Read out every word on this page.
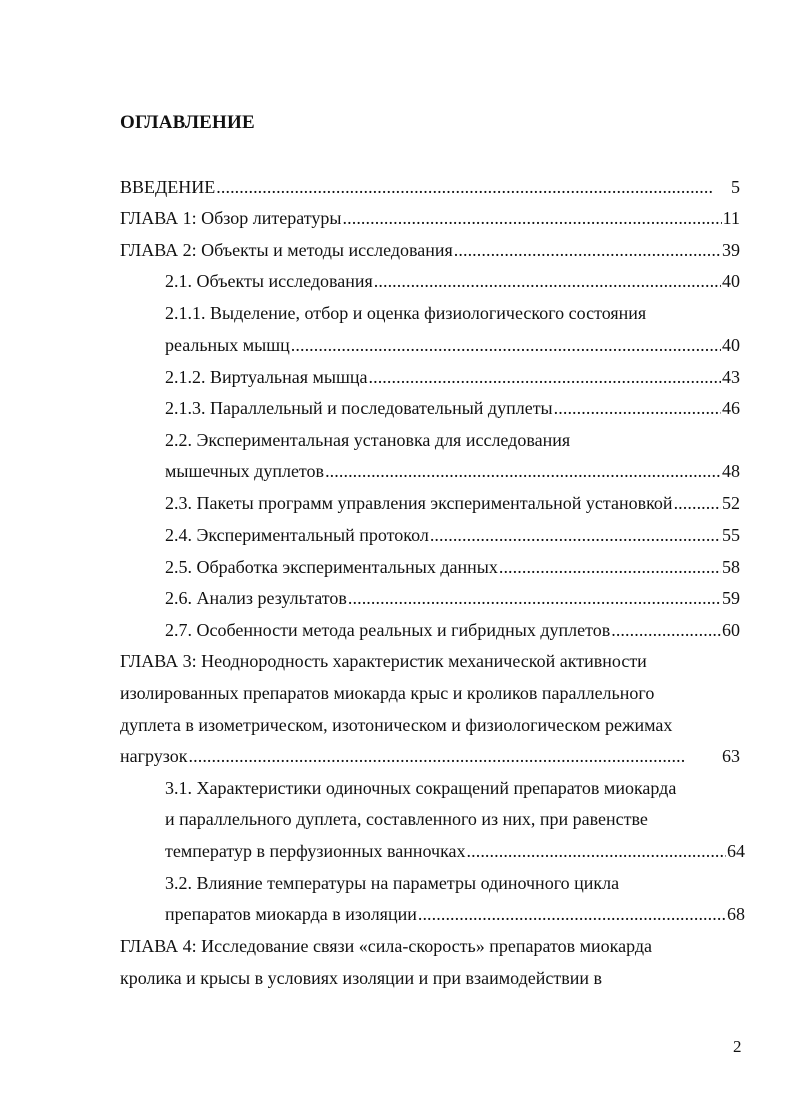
ОГЛАВЛЕНИЕ
ВВЕДЕНИЕ . . .	5
ГЛАВА 1: Обзор литературы . . .	11
ГЛАВА 2: Объекты и методы исследования . . .	39
2.1. Объекты исследования . . .	40
2.1.1. Выделение, отбор и оценка физиологического состояния
реальных мышц . . .	40
2.1.2. Виртуальная мышца . . .	43
2.1.3. Параллельный и последовательный дуплеты . . .	46
2.2. Экспериментальная установка для исследования
мышечных дуплетов . . .	48
2.3. Пакеты программ управления экспериментальной установкой . . .	52
2.4. Экспериментальный протокол . . .	55
2.5. Обработка экспериментальных данных . . .	58
2.6. Анализ результатов . . .	59
2.7. Особенности метода реальных и гибридных дуплетов . . .	60
ГЛАВА 3: Неоднородность характеристик механической активности
изолированных препаратов миокарда крыс и кроликов параллельного
дуплета в изометрическом, изотоническом и физиологическом режимах
нагрузок . . .	63
3.1. Характеристики одиночных сокращений препаратов миокарда
и параллельного дуплета, составленного из них, при равенстве
температур в перфузионных ванночках . . .	64
3.2. Влияние температуры на параметры одиночного цикла
препаратов миокарда в изоляции . . .	68
ГЛАВА 4: Исследование связи «сила-скорость» препаратов миокарда
кролика и крысы в условиях изоляции и при взаимодействии в
2
